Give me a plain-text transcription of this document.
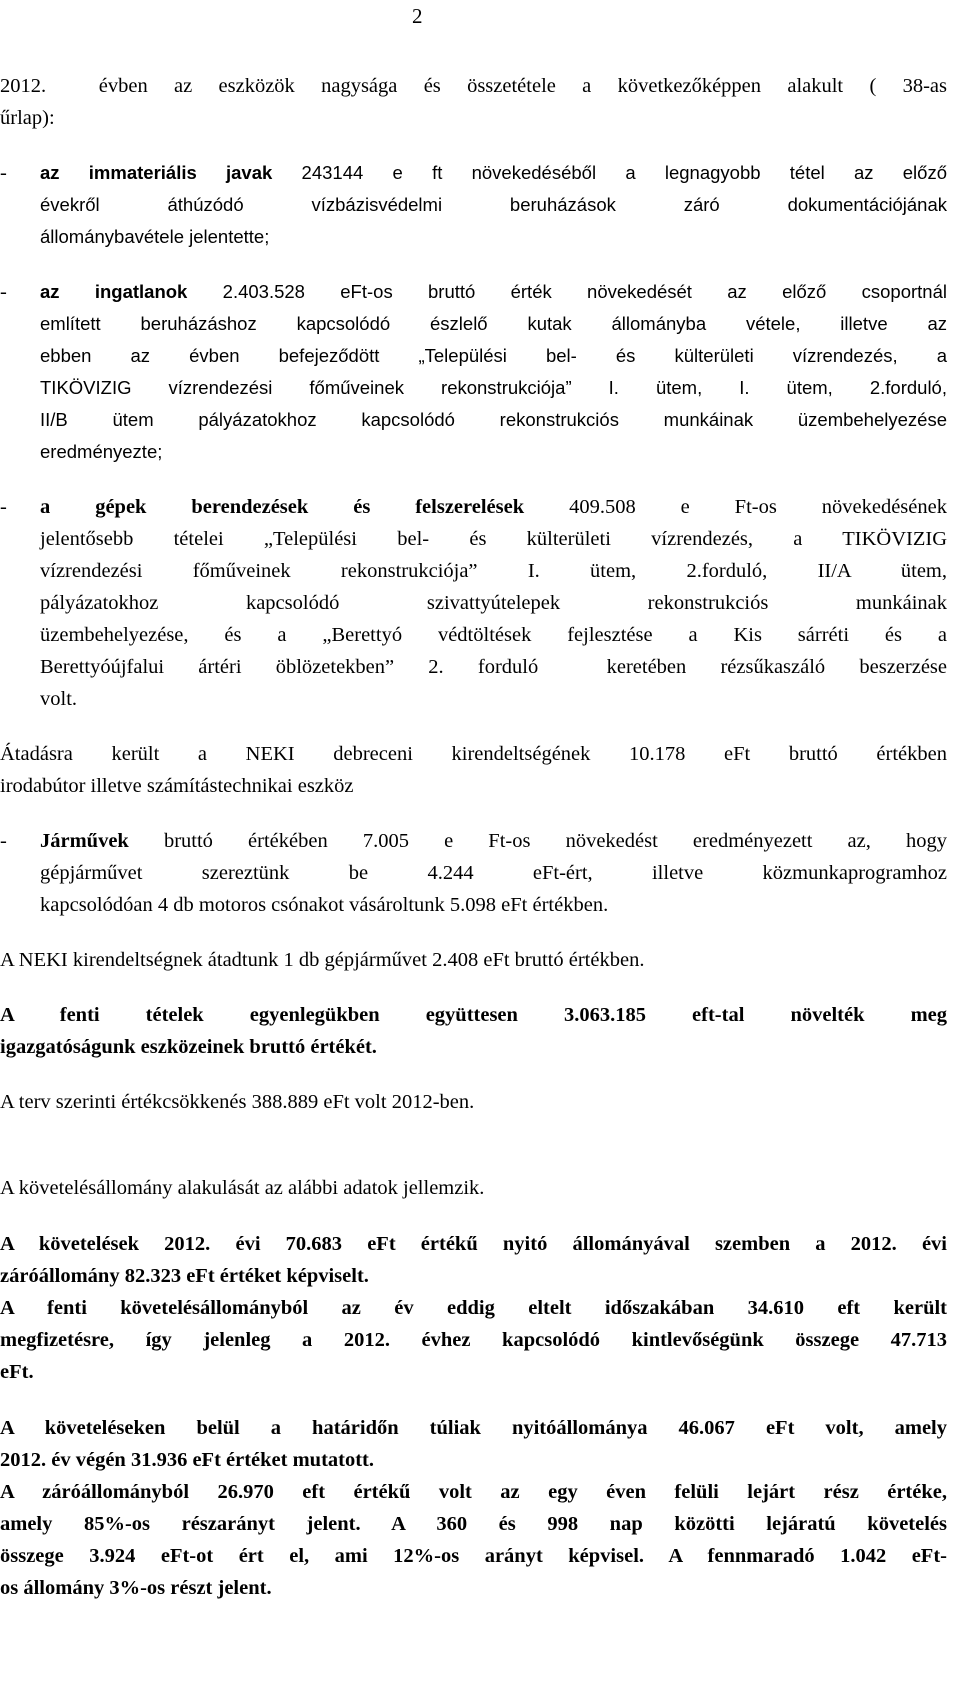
2
2012.  évben az eszközök nagysága és összetétele a következőképpen alakult ( 38-as
űrlap):
- az immateriális javak 243144 e ft növekedéséből a legnagyobb tétel az előző
évekről áthúzódó vízbázisvédelmi beruházások záró dokumentációjának
állománybavétele jelentette;
- az ingatlanok 2.403.528 eFt-os bruttó érték növekedését az előző csoportnál
említett beruházáshoz kapcsolódó észlelő kutak állományba vétele, illetve az
ebben az évben befejeződött „Települési bel- és külterületi vízrendezés, a
TIKÖVIZIG vízrendezési főműveinek rekonstrukciója” I. ütem, I. ütem, 2.forduló,
II/B ütem pályázatokhoz kapcsolódó rekonstrukciós munkáinak üzembehelyezése
eredményezte;
- a gépek berendezések és felszerelések 409.508 e Ft-os növekedésének
jelentősebb tételei „Települési bel- és külterületi vízrendezés, a TIKÖVIZIG
vízrendezési főműveinek rekonstrukciója” I. ütem, 2.forduló, II/A ütem,
pályázatokhoz kapcsolódó szivattyútelepek rekonstrukciós munkáinak
üzembehelyezése, és a „Berettyó védtöltések fejlesztése a Kis sárréti és a
Berettyóújfalui ártéri öblözetekben” 2. forduló  keretében rézsűkaszáló beszerzése
volt.
Átadásra került a NEKI debreceni kirendeltségének 10.178 eFt bruttó értékben
irodabútor illetve számítástechnikai eszköz
- Járművek bruttó értékében 7.005 e Ft-os növekedést eredményezett az, hogy
gépjárművet szereztünk be 4.244 eFt-ért, illetve közmunkaprogramhoz
kapcsolódóan 4 db motoros csónakot vásároltunk 5.098 eFt értékben.
A NEKI kirendeltségnek átadtunk 1 db gépjárművet 2.408 eFt bruttó értékben.
A fenti tételek egyenlegükben együttesen 3.063.185 eft-tal növelték meg
igazgatóságunk eszközeinek bruttó értékét.
A terv szerinti értékcsökkenés 388.889 eFt volt 2012-ben.
A követelésállomány alakulását az alábbi adatok jellemzik.
A követelések 2012. évi 70.683 eFt értékű nyitó állományával szemben a 2012. évi
záróállomány 82.323 eFt értéket képviselt.
A fenti követelésállományból az év eddig eltelt időszakában 34.610 eft került
megfizetésre, így jelenleg a 2012. évhez kapcsolódó kintlevőségünk összege 47.713
eFt.
A követeléseken belül a határidőn túliak nyitóállománya 46.067 eFt volt, amely
2012. év végén 31.936 eFt értéket mutatott.
A záróállományból 26.970 eft értékű volt az egy éven felüli lejárt rész értéke,
amely 85%-os részarányt jelent. A 360 és 998 nap közötti lejáratú követelés
összege 3.924 eFt-ot ért el, ami 12%-os arányt képvisel. A fennmaradó 1.042 eFt-
os állomány 3%-os részt jelent.
